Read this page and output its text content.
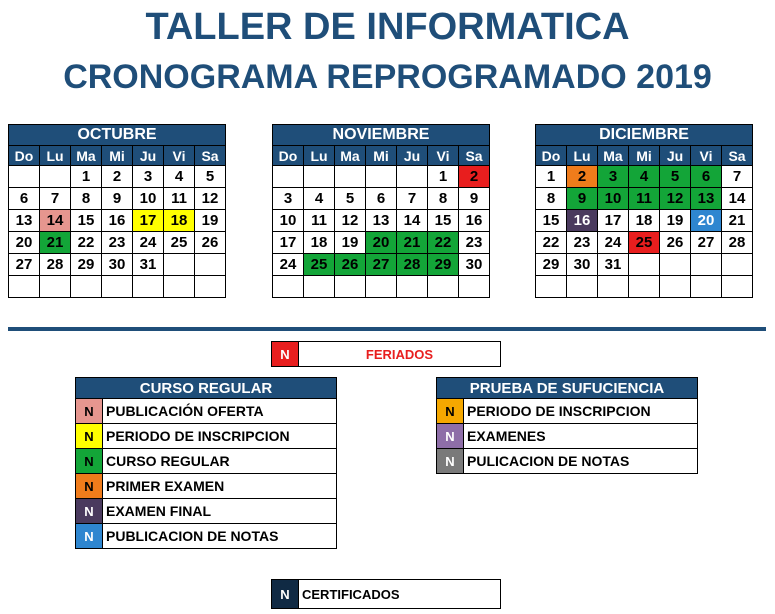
TALLER DE INFORMATICA
CRONOGRAMA REPROGRAMADO 2019
OCTUBRE						
Do	Lu	Ma	Mi	Ju	Vi	Sa
		1	2	3	4	5
6	7	8	9	10	11	12
13	14	15	16	17	18	19
20	21	22	23	24	25	26
27	28	29	30	31		

NOVIEMBRE						
Do	Lu	Ma	Mi	Ju	Vi	Sa
					1	2
3	4	5	6	7	8	9
10	11	12	13	14	15	16
17	18	19	20	21	22	23
24	25	26	27	28	29	30

DICIEMBRE						
Do	Lu	Ma	Mi	Ju	Vi	Sa
1	2	3	4	5	6	7
8	9	10	11	12	13	14
15	16	17	18	19	20	21
22	23	24	25	26	27	28
29	30	31				

N	FERIADOS
CURSO REGULAR	
N	PUBLICACIÓN OFERTA
N	PERIODO DE INSCRIPCION
N	CURSO REGULAR
N	PRIMER EXAMEN
N	EXAMEN FINAL
N	PUBLICACION DE NOTAS
PRUEBA DE SUFUCIENCIA	
N	PERIODO DE INSCRIPCION
N	EXAMENES
N	PULICACION DE NOTAS
N	CERTIFICADOS
